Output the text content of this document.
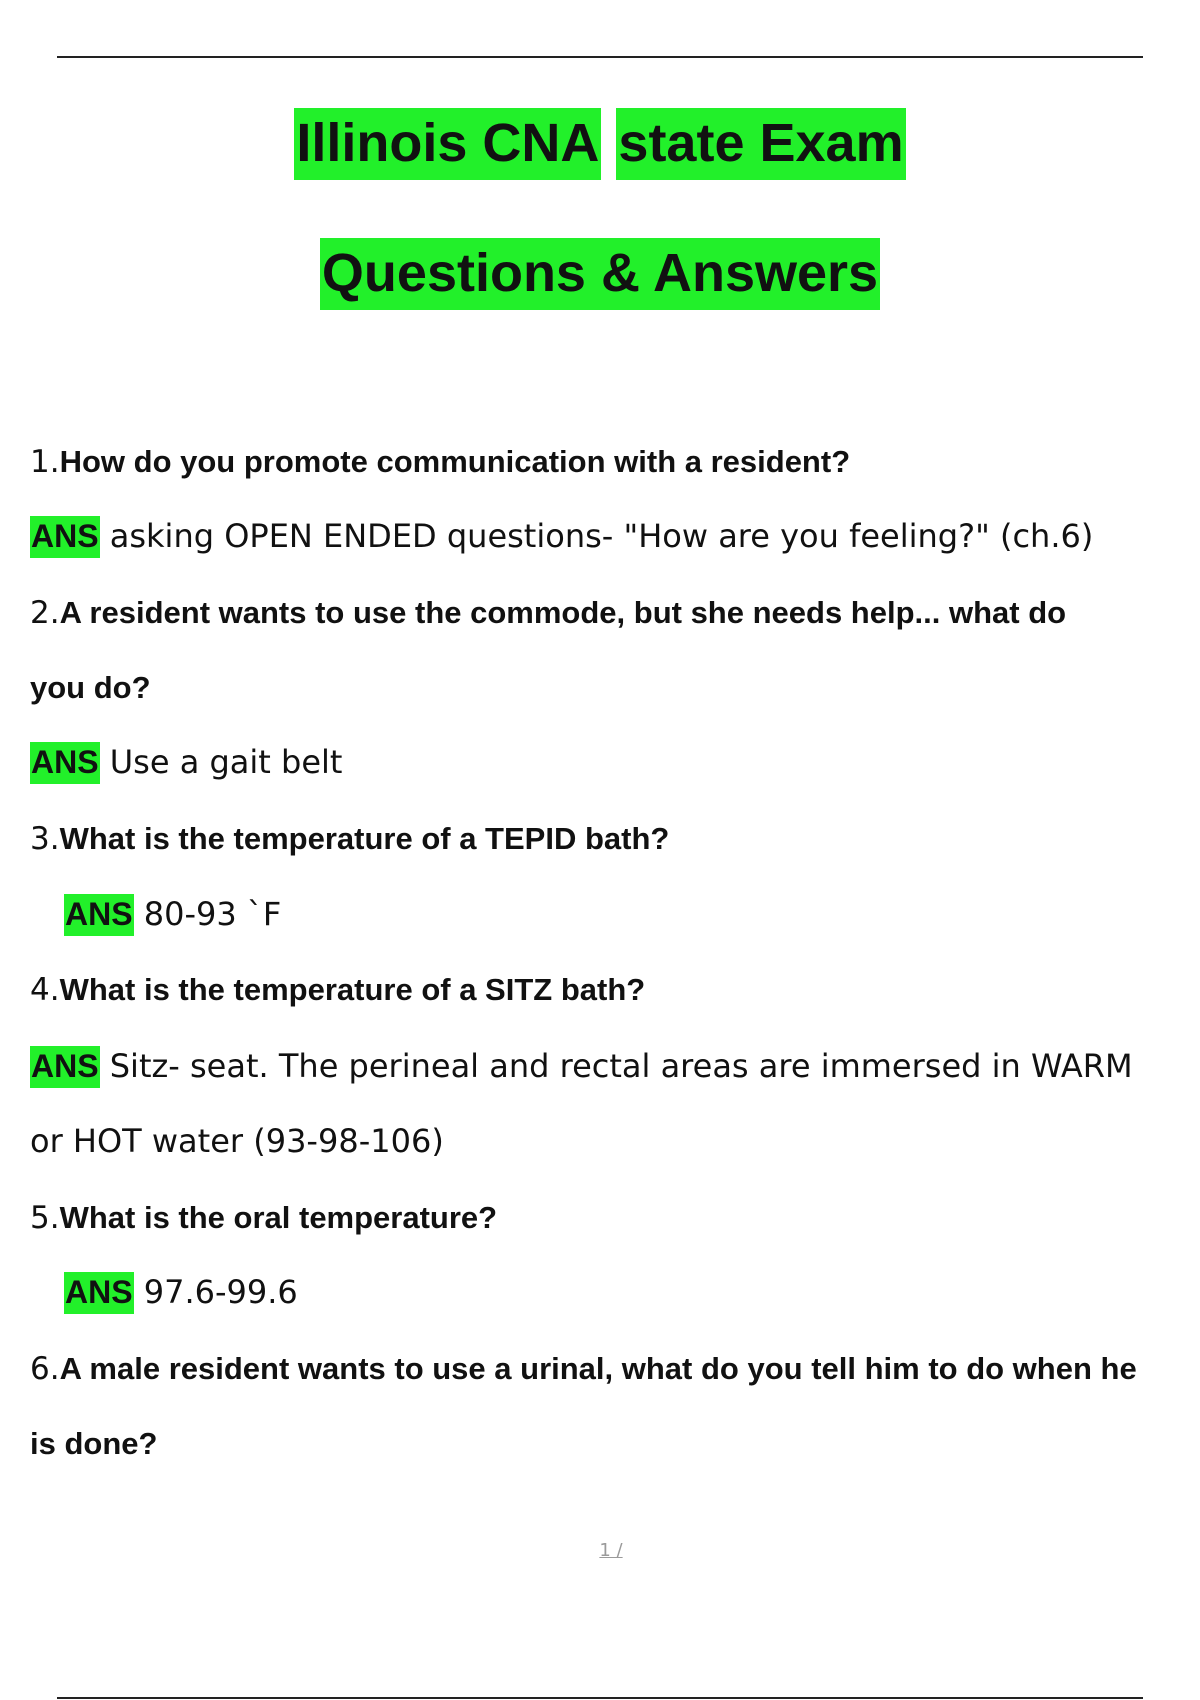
Illinois CNA state Exam
Questions & Answers
1.How do you promote communication with a resident?
ANS asking OPEN ENDED questions- "How are you feeling?" (ch.6)
2.A resident wants to use the commode, but she needs help... what do
you do?
ANS Use a gait belt
3.What is the temperature of a TEPID bath?
ANS 80-93 `F
4.What is the temperature of a SITZ bath?
ANS Sitz- seat. The perineal and rectal areas are immersed in WARM
or HOT water (93-98-106)
5.What is the oral temperature?
ANS 97.6-99.6
6.A male resident wants to use a urinal, what do you tell him to do when he
is done?
1 /
